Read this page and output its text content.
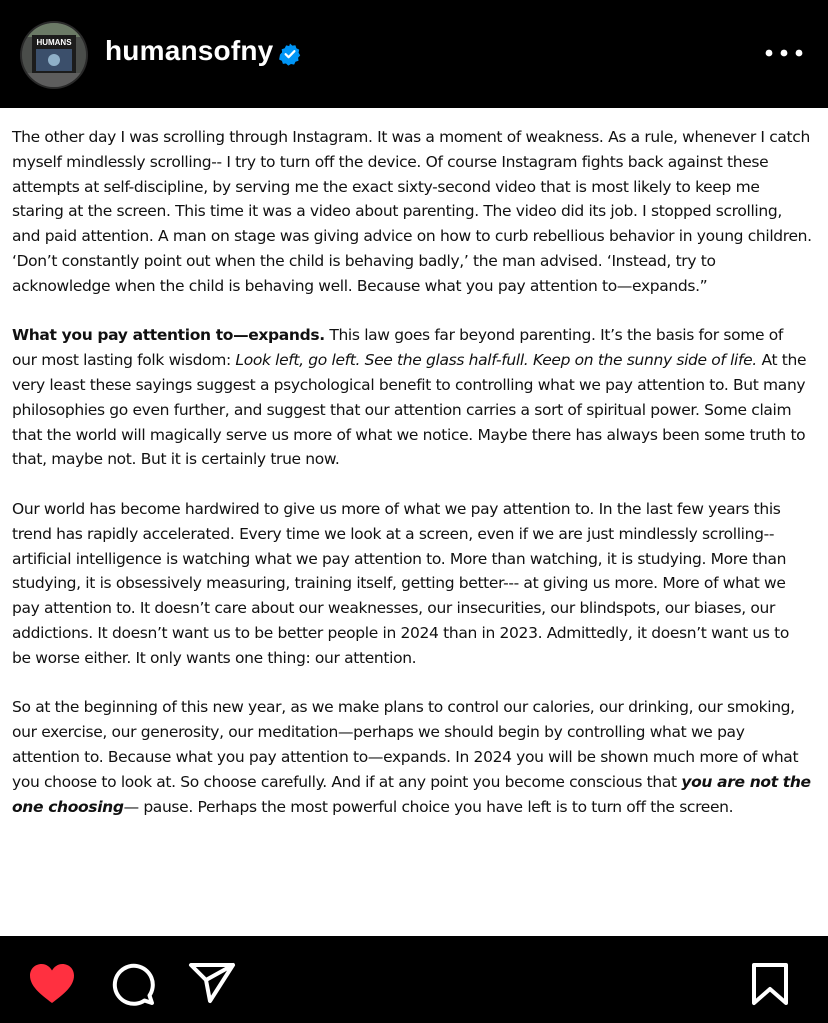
HUMANS humansofny

The other day I was scrolling through Instagram. It was a moment of weakness. As a rule, whenever I catch myself mindlessly scrolling-- I try to turn off the device. Of course Instagram fights back against these attempts at self-discipline, by serving me the exact sixty-second video that is most likely to keep me staring at the screen. This time it was a video about parenting. The video did its job. I stopped scrolling, and paid attention. A man on stage was giving advice on how to curb rebellious behavior in young children. ‘Don’t constantly point out when the child is behaving badly,’ the man advised. ‘Instead, try to acknowledge when the child is behaving well. Because what you pay attention to—expands.”

What you pay attention to—expands. This law goes far beyond parenting. It’s the basis for some of our most lasting folk wisdom: Look left, go left. See the glass half-full. Keep on the sunny side of life. At the very least these sayings suggest a psychological benefit to controlling what we pay attention to. But many philosophies go even further, and suggest that our attention carries a sort of spiritual power. Some claim that the world will magically serve us more of what we notice. Maybe there has always been some truth to that, maybe not. But it is certainly true now.

Our world has become hardwired to give us more of what we pay attention to. In the last few years this trend has rapidly accelerated. Every time we look at a screen, even if we are just mindlessly scrolling-- artificial intelligence is watching what we pay attention to. More than watching, it is studying. More than studying, it is obsessively measuring, training itself, getting better--- at giving us more. More of what we pay attention to. It doesn’t care about our weaknesses, our insecurities, our blindspots, our biases, our addictions. It doesn’t want us to be better people in 2024 than in 2023. Admittedly, it doesn’t want us to be worse either. It only wants one thing: our attention.

So at the beginning of this new year, as we make plans to control our calories, our drinking, our smoking, our exercise, our generosity, our meditation—perhaps we should begin by controlling what we pay attention to. Because what you pay attention to—expands. In 2024 you will be shown much more of what you choose to look at. So choose carefully. And if at any point you become conscious that you are not the one choosing— pause. Perhaps the most powerful choice you have left is to turn off the screen.
